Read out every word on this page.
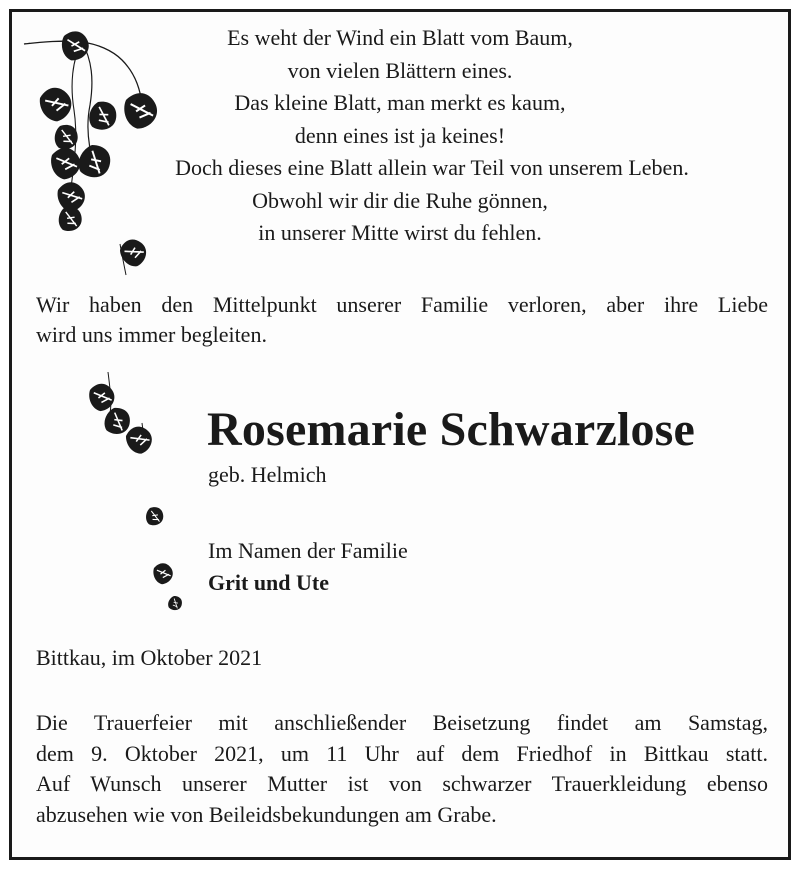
Es weht der Wind ein Blatt vom Baum,
von vielen Blättern eines.
Das kleine Blatt, man merkt es kaum,
denn eines ist ja keines!
Doch dieses eine Blatt allein war Teil von unserem Leben.
Obwohl wir dir die Ruhe gönnen,
in unserer Mitte wirst du fehlen.
Wir haben den Mittelpunkt unserer Familie verloren, aber ihre Liebe
wird uns immer begleiten.
Rosemarie Schwarzlose
geb. Helmich
Im Namen der Familie
Grit und Ute
Bittkau, im Oktober 2021
Die Trauerfeier mit anschließender Beisetzung findet am Samstag,
dem 9. Oktober 2021, um 11 Uhr auf dem Friedhof in Bittkau statt.
Auf Wunsch unserer Mutter ist von schwarzer Trauerkleidung ebenso
abzusehen wie von Beileidsbekundungen am Grabe.
